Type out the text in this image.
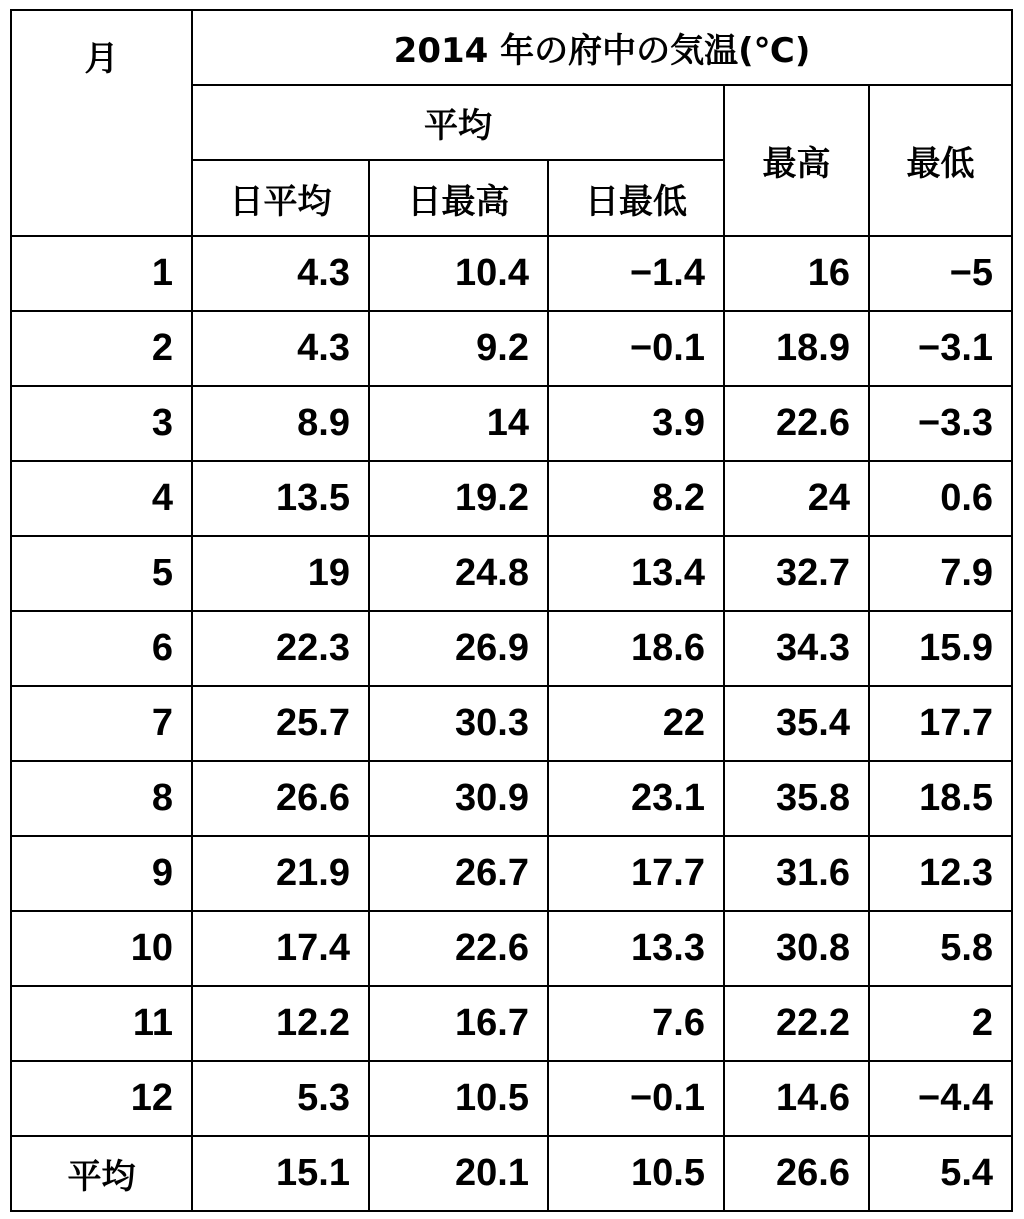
月	2014 年の府中の気温(℃)				
	平均			最高	最低
	日平均	日最高	日最低		
1	4.3	10.4	−1.4	16	−5
2	4.3	9.2	−0.1	18.9	−3.1
3	8.9	14	3.9	22.6	−3.3
4	13.5	19.2	8.2	24	0.6
5	19	24.8	13.4	32.7	7.9
6	22.3	26.9	18.6	34.3	15.9
7	25.7	30.3	22	35.4	17.7
8	26.6	30.9	23.1	35.8	18.5
9	21.9	26.7	17.7	31.6	12.3
10	17.4	22.6	13.3	30.8	5.8
11	12.2	16.7	7.6	22.2	2
12	5.3	10.5	−0.1	14.6	−4.4
平均	15.1	20.1	10.5	26.6	5.4
